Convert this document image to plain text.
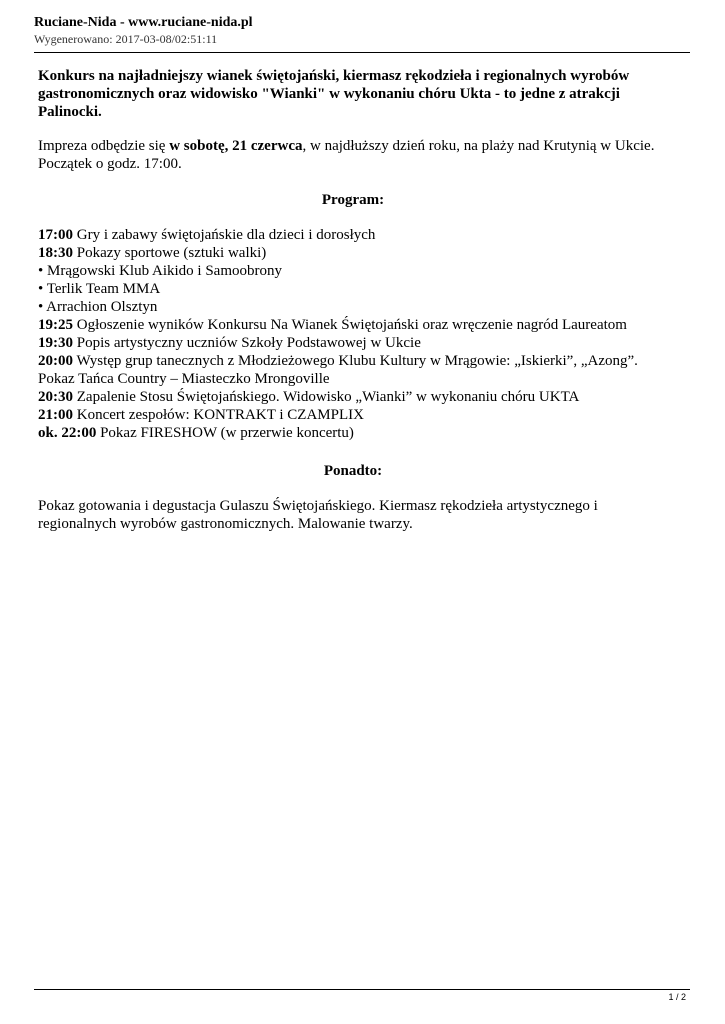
Ruciane-Nida - www.ruciane-nida.pl
Wygenerowano: 2017-03-08/02:51:11

Konkurs na najładniejszy wianek świętojański, kiermasz rękodzieła i regionalnych wyrobów gastronomicznych oraz widowisko "Wianki" w wykonaniu chóru Ukta - to jedne z atrakcji Palinocki.

Impreza odbędzie się w sobotę, 21 czerwca, w najdłuższy dzień roku, na plaży nad Krutynią w Ukcie. Początek o godz. 17:00.

Program:
17:00 Gry i zabawy świętojańskie dla dzieci i dorosłych
18:30 Pokazy sportowe (sztuki walki)
• Mrągowski Klub Aikido i Samoobrony
• Terlik Team MMA
• Arrachion Olsztyn
19:25 Ogłoszenie wyników Konkursu Na Wianek Świętojański oraz wręczenie nagród Laureatom
19:30 Popis artystyczny uczniów Szkoły Podstawowej w Ukcie
20:00 Występ grup tanecznych z Młodzieżowego Klubu Kultury w Mrągowie: „Iskierki”, „Azong”.
Pokaz Tańca Country – Miasteczko Mrongoville
20:30 Zapalenie Stosu Świętojańskiego. Widowisko „Wianki” w wykonaniu chóru UKTA
21:00 Koncert zespołów: KONTRAKT i CZAMPLIX
ok. 22:00 Pokaz FIRESHOW (w przerwie koncertu)
Ponadto:

Pokaz gotowania i degustacja Gulaszu Świętojańskiego. Kiermasz rękodzieła artystycznego i regionalnych wyrobów gastronomicznych. Malowanie twarzy.

1 / 2
